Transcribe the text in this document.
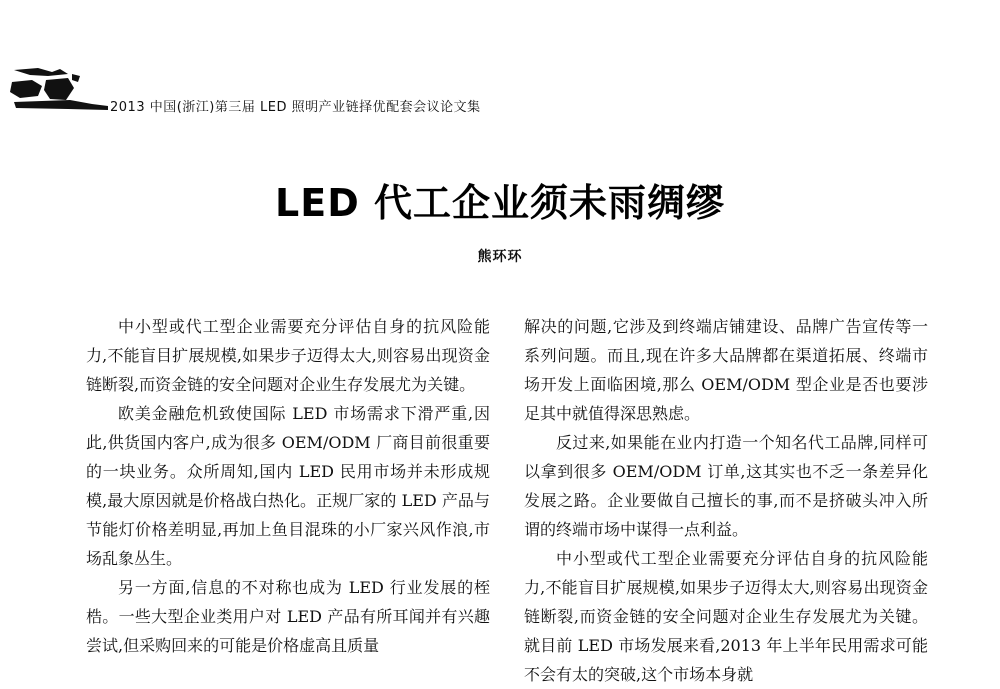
2013 中国(浙江)第三届 LED 照明产业链择优配套会议论文集
LED 代工企业须未雨绸缪
熊环环

中小型或代工型企业需要充分评估自身的抗风险能力,不能盲目扩展规模,如果步子迈得太大,则容易出现资金链断裂,而资金链的安全问题对企业生存发展尤为关键。

欧美金融危机致使国际 LED 市场需求下滑严重,因此,供货国内客户,成为很多 OEM/ODM 厂商目前很重要的一块业务。众所周知,国内 LED 民用市场并未形成规模,最大原因就是价格战白热化。正规厂家的 LED 产品与节能灯价格差明显,再加上鱼目混珠的小厂家兴风作浪,市场乱象丛生。

另一方面,信息的不对称也成为 LED 行业发展的桎梏。一些大型企业类用户对 LED 产品有所耳闻并有兴趣尝试,但采购回来的可能是价格虚高且质量

解决的问题,它涉及到终端店铺建设、品牌广告宣传等一系列问题。而且,现在许多大品牌都在渠道拓展、终端市场开发上面临困境,那么 OEM/ODM 型企业是否也要涉足其中就值得深思熟虑。

反过来,如果能在业内打造一个知名代工品牌,同样可以拿到很多 OEM/ODM 订单,这其实也不乏一条差异化发展之路。企业要做自己擅长的事,而不是挤破头冲入所谓的终端市场中谋得一点利益。

中小型或代工型企业需要充分评估自身的抗风险能力,不能盲目扩展规模,如果步子迈得太大,则容易出现资金链断裂,而资金链的安全问题对企业生存发展尤为关键。就目前 LED 市场发展来看,2013 年上半年民用需求可能不会有太的突破,这个市场本身就
